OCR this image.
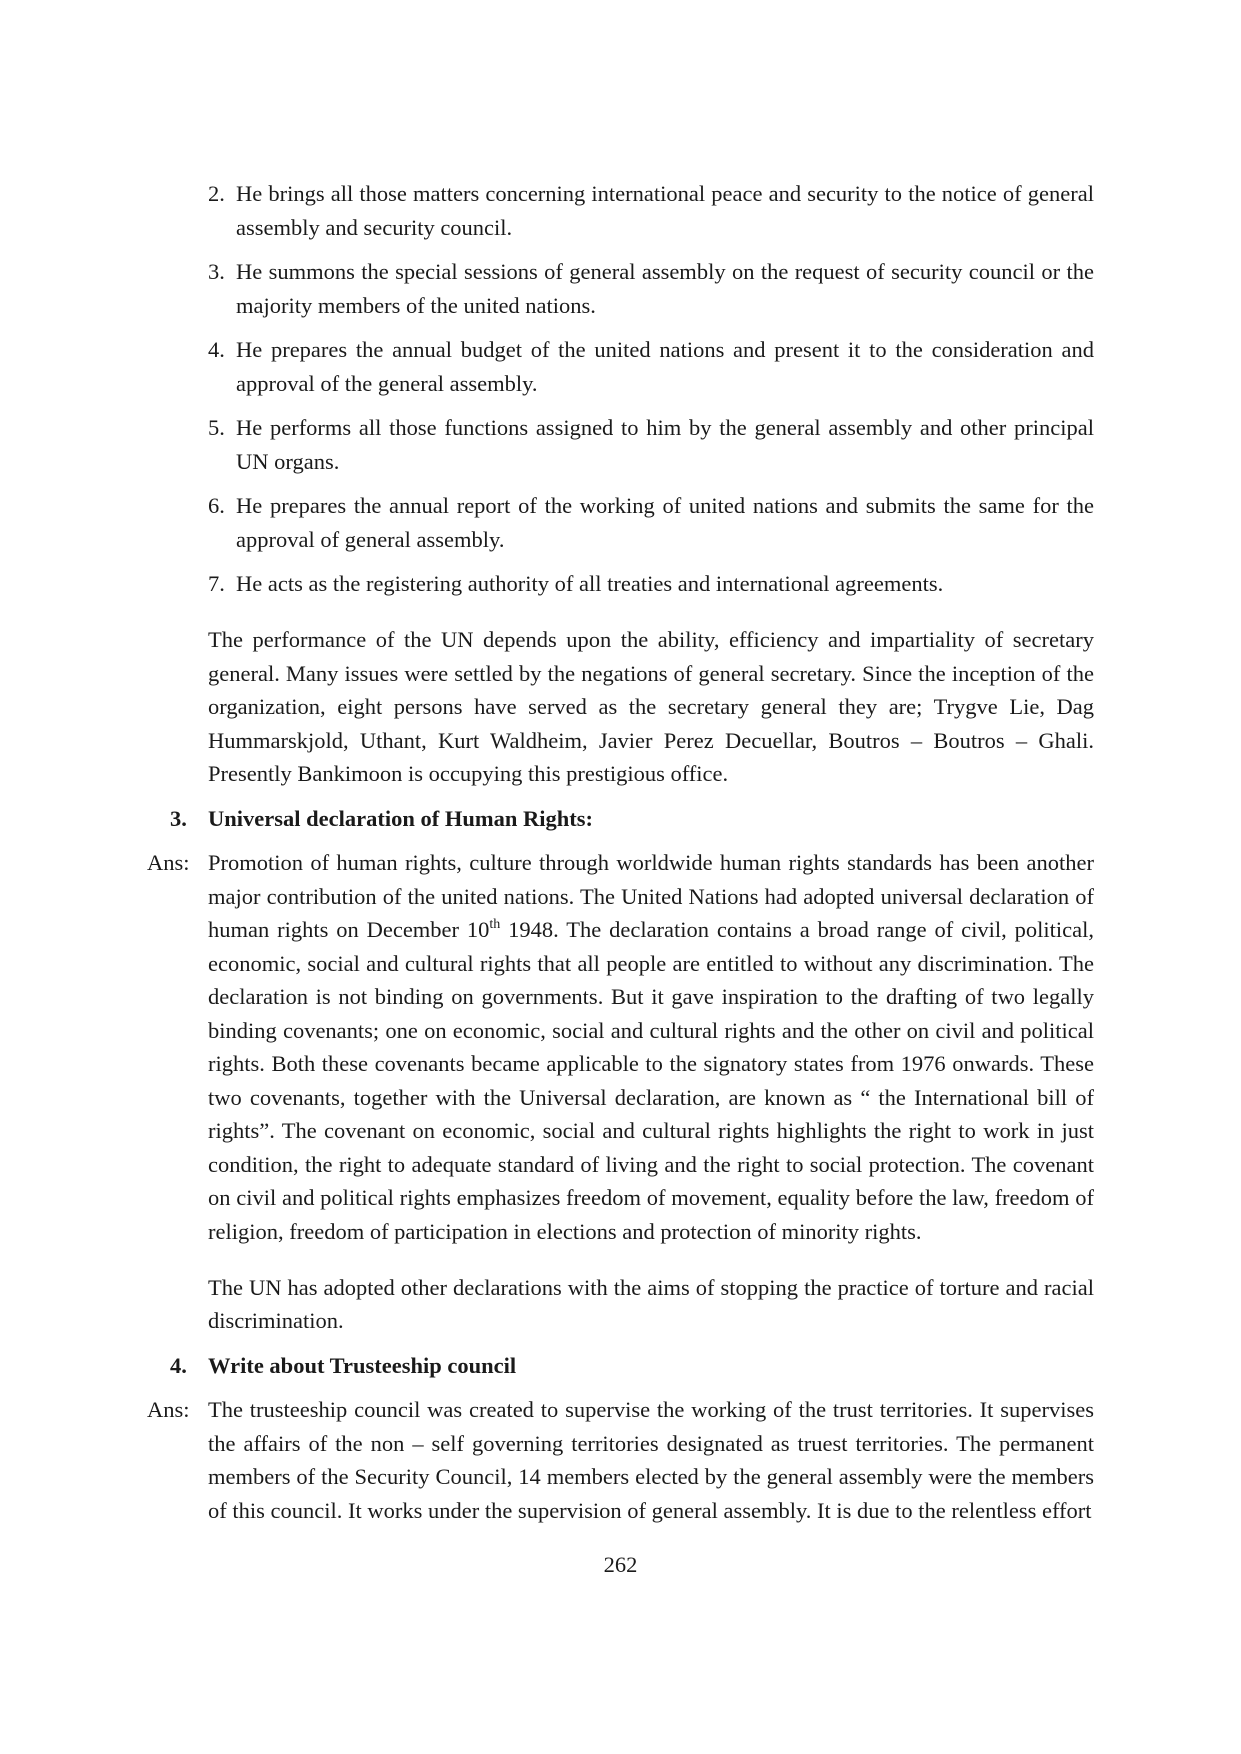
2. He brings all those matters concerning international peace and security to the notice of general assembly and security council.
3. He summons the special sessions of general assembly on the request of security council or the majority members of the united nations.
4. He prepares the annual budget of the united nations and present it to the consideration and approval of the general assembly.
5. He performs all those functions assigned to him by the general assembly and other principal UN organs.
6. He prepares the annual report of the working of united nations and submits the same for the approval of general assembly.
7. He acts as the registering authority of all treaties and international agreements.

The performance of the UN depends upon the ability, efficiency and impartiality of secretary general. Many issues were settled by the negations of general secretary. Since the inception of the organization, eight persons have served as the secretary general they are; Trygve Lie, Dag Hummarskjold, Uthant, Kurt Waldheim, Javier Perez Decuellar, Boutros – Boutros – Ghali. Presently Bankimoon is occupying this prestigious office.

3. Universal declaration of Human Rights:
Ans: Promotion of human rights, culture through worldwide human rights standards has been another major contribution of the united nations. The United Nations had adopted universal declaration of human rights on December 10th 1948. The declaration contains a broad range of civil, political, economic, social and cultural rights that all people are entitled to without any discrimination. The declaration is not binding on governments. But it gave inspiration to the drafting of two legally binding covenants; one on economic, social and cultural rights and the other on civil and political rights. Both these covenants became applicable to the signatory states from 1976 onwards. These two covenants, together with the Universal declaration, are known as “ the International bill of rights”. The covenant on economic, social and cultural rights highlights the right to work in just condition, the right to adequate standard of living and the right to social protection. The covenant on civil and political rights emphasizes freedom of movement, equality before the law, freedom of religion, freedom of participation in elections and protection of minority rights.

The UN has adopted other declarations with the aims of stopping the practice of torture and racial discrimination.

4. Write about Trusteeship council
Ans: The trusteeship council was created to supervise the working of the trust territories. It supervises the affairs of the non – self governing territories designated as truest territories. The permanent members of the Security Council, 14 members elected by the general assembly were the members of this council. It works under the supervision of general assembly. It is due to the relentless effort
262
